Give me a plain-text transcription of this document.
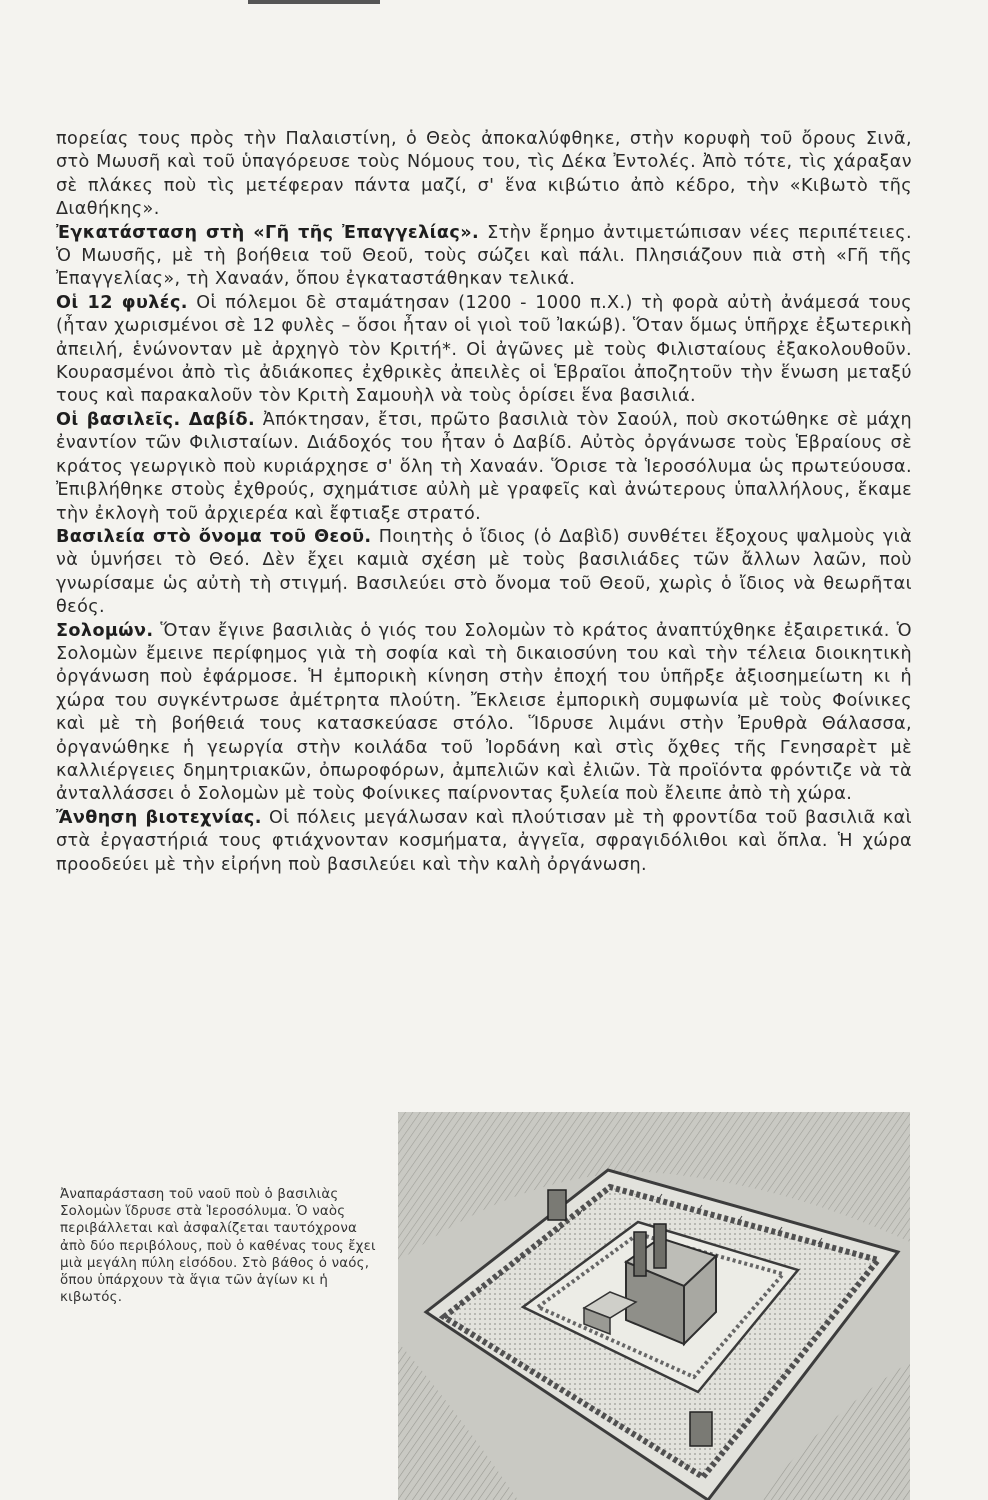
πορείας τους πρὸς τὴν Παλαιστίνη, ὁ Θεὸς ἀποκαλύφθηκε, στὴν κορυφὴ τοῦ ὄρους Σινᾶ, στὸ Μωυσῆ καὶ τοῦ ὑπαγόρευσε τοὺς Νόμους του, τὶς Δέκα Ἐντολές. Ἀπὸ τότε, τὶς χάραξαν σὲ πλάκες ποὺ τὶς μετέφεραν πάντα μαζί, σ' ἕνα κιβώτιο ἀπὸ κέδρο, τὴν «Κιβωτὸ τῆς Διαθήκης».

Ἐγκατάσταση στὴ «Γῆ τῆς Ἐπαγγελίας». Στὴν ἔρημο ἀντιμετώπισαν νέες περιπέτειες. Ὁ Μωυσῆς, μὲ τὴ βοήθεια τοῦ Θεοῦ, τοὺς σώζει καὶ πάλι. Πλησιάζουν πιὰ στὴ «Γῆ τῆς Ἐπαγγελίας», τὴ Χαναάν, ὅπου ἐγκαταστάθηκαν τελικά.

Οἱ 12 φυλές. Οἱ πόλεμοι δὲ σταμάτησαν (1200 - 1000 π.Χ.) τὴ φορὰ αὐτὴ ἀνάμεσά τους (ἦταν χωρισμένοι σὲ 12 φυλὲς – ὅσοι ἦταν οἱ γιοὶ τοῦ Ἰακώβ). Ὅταν ὅμως ὑπῆρχε ἐξωτερικὴ ἀπειλή, ἑνώνονταν μὲ ἀρχηγὸ τὸν Κριτή*. Οἱ ἀγῶνες μὲ τοὺς Φιλισταίους ἐξακολουθοῦν. Κουρασμένοι ἀπὸ τὶς ἀδιάκοπες ἐχθρικὲς ἀπειλὲς οἱ Ἑβραῖοι ἀποζητοῦν τὴν ἕνωση μεταξύ τους καὶ παρακαλοῦν τὸν Κριτὴ Σαμουὴλ νὰ τοὺς ὁρίσει ἕνα βασιλιά.

Οἱ βασιλεῖς. Δαβίδ. Ἀπόκτησαν, ἔτσι, πρῶτο βασιλιὰ τὸν Σαούλ, ποὺ σκοτώθηκε σὲ μάχη ἐναντίον τῶν Φιλισταίων. Διάδοχός του ἦταν ὁ Δαβίδ. Αὐτὸς ὀργάνωσε τοὺς Ἑβραίους σὲ κράτος γεωργικὸ ποὺ κυριάρχησε σ' ὅλη τὴ Χαναάν. Ὅρισε τὰ Ἱεροσόλυμα ὡς πρωτεύουσα. Ἐπιβλήθηκε στοὺς ἐχθρούς, σχημάτισε αὐλὴ μὲ γραφεῖς καὶ ἀνώτερους ὑπαλλήλους, ἔκαμε τὴν ἐκλογὴ τοῦ ἀρχιερέα καὶ ἔφτιαξε στρατό.

Βασιλεία στὸ ὄνομα τοῦ Θεοῦ. Ποιητὴς ὁ ἴδιος (ὁ Δαβὶδ) συνθέτει ἔξοχους ψαλμοὺς γιὰ νὰ ὑμνήσει τὸ Θεό. Δὲν ἔχει καμιὰ σχέση μὲ τοὺς βασιλιάδες τῶν ἄλλων λαῶν, ποὺ γνωρίσαμε ὡς αὐτὴ τὴ στιγμή. Βασιλεύει στὸ ὄνομα τοῦ Θεοῦ, χωρὶς ὁ ἴδιος νὰ θεωρῆται θεός.

Σολομών. Ὅταν ἔγινε βασιλιὰς ὁ γιός του Σολομὼν τὸ κράτος ἀναπτύχθηκε ἐξαιρετικά. Ὁ Σολομὼν ἔμεινε περίφημος γιὰ τὴ σοφία καὶ τὴ δικαιοσύνη του καὶ τὴν τέλεια διοικητικὴ ὀργάνωση ποὺ ἐφάρμοσε. Ἡ ἐμπορικὴ κίνηση στὴν ἐποχή του ὑπῆρξε ἀξιοσημείωτη κι ἡ χώρα του συγκέντρωσε ἀμέτρητα πλούτη. Ἔκλεισε ἐμπορικὴ συμφωνία μὲ τοὺς Φοίνικες καὶ μὲ τὴ βοήθειά τους κατασκεύασε στόλο. Ἵδρυσε λιμάνι στὴν Ἐρυθρὰ Θάλασσα, ὀργανώθηκε ἡ γεωργία στὴν κοιλάδα τοῦ Ἰορδάνη καὶ στὶς ὄχθες τῆς Γενησαρὲτ μὲ καλλιέργειες δημητριακῶν, ὀπωροφόρων, ἀμπελιῶν καὶ ἐλιῶν. Τὰ προϊόντα φρόντιζε νὰ τὰ ἀνταλλάσσει ὁ Σολομὼν μὲ τοὺς Φοίνικες παίρνοντας ξυλεία ποὺ ἔλειπε ἀπὸ τὴ χώρα.

Ἄνθηση βιοτεχνίας. Οἱ πόλεις μεγάλωσαν καὶ πλούτισαν μὲ τὴ φροντίδα τοῦ βασιλιᾶ καὶ στὰ ἐργαστήριά τους φτιάχνονταν κοσμήματα, ἀγγεῖα, σφραγιδόλιθοι καὶ ὅπλα. Ἡ χώρα προοδεύει μὲ τὴν εἰρήνη ποὺ βασιλεύει καὶ τὴν καλὴ ὀργάνωση.

Ἀναπαράσταση τοῦ ναοῦ ποὺ ὁ βασιλιὰς Σολομὼν ἵδρυσε στὰ Ἱεροσόλυμα. Ὁ ναὸς περιβάλλεται καὶ ἀσφαλίζεται ταυτόχρονα ἀπὸ δύο περιβόλους, ποὺ ὁ καθένας τους ἔχει μιὰ μεγάλη πύλη εἰσόδου. Στὸ βάθος ὁ ναός, ὅπου ὑπάρχουν τὰ ἅγια τῶν ἁγίων κι ἡ κιβωτός.
